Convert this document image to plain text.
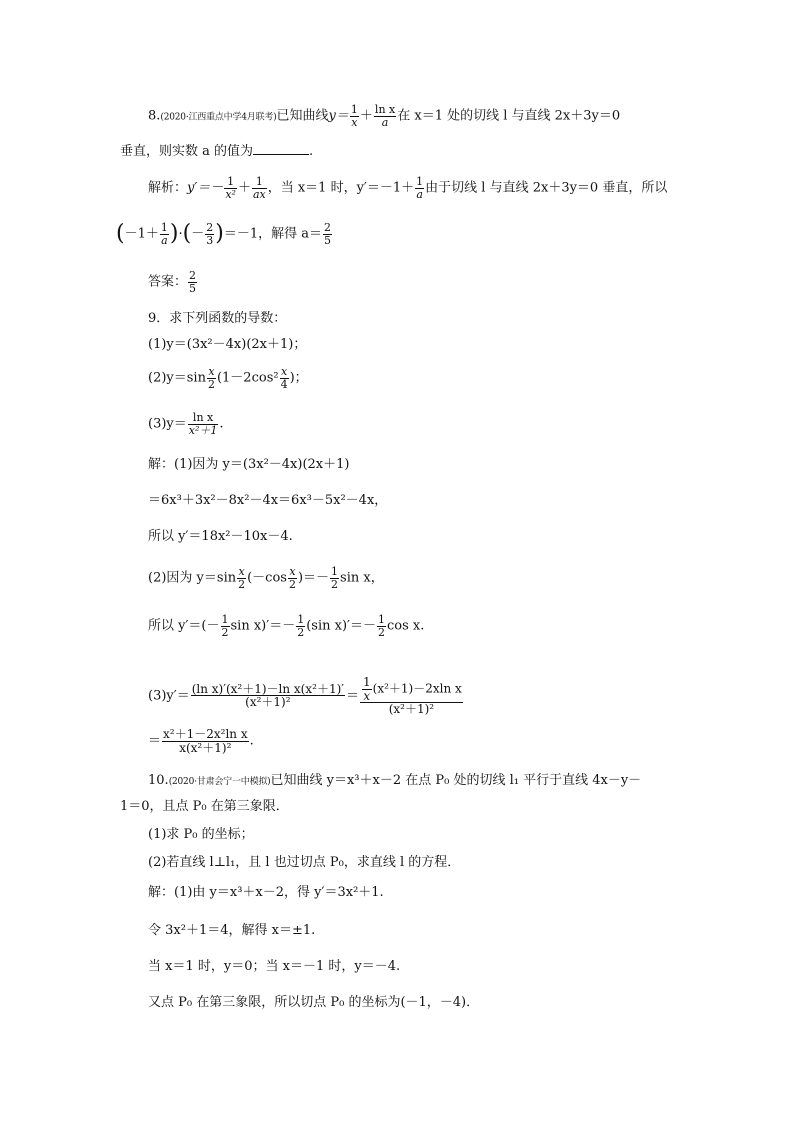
8.(2020·江西重点中学4月联考)已知曲线$y= \frac{1}{x} + \frac{\text{ln x}}{a}$ 在 x＝1 处的切线 l 与直线 2x＋3y＝0
垂直，则实数 a 的值为	.
解析：$y'=- \frac{1}{\text{x²}} + \frac{1}{ax}$ ，当 x＝1 时，$y'=-1+ \frac{1}{a}$ 由于切线 l 与直线 2x＋3y＝0 垂直，所以
($-1+ \frac{1}{a}$ )·(－ $\frac{2}{3} )=-1$，解得 $a= \frac{2}{5}$
答案： $\frac{2}{5}$
9．求下列函数的导数：
(1)y＝(3x²－4x)(2x＋1)；
$(2)y=\sin \frac{x}{2} (1-2\cos^2 \frac{x}{4}$ )；
$(3)y= \frac{\text{ln x}}{\text{x²＋1}}$ .
解：(1)因为 y＝(3x²－4x)(2x＋1)
＝6x³＋3x²－8x²－4x＝6x³－5x²－4x，
所以 y′＝18x²－10x－4.
(2)因为 $y=\sin \frac{x}{2} (-\cos \frac{x}{2}$ )＝－ $\frac{1}{2}$ sin x，
所以 $y'=(- \frac{1}{2}$ $\sin x)'=- \frac{1}{2} (\sin$ $x)'=- \frac{1}{2}$ cos x.
$(3)y'= \frac{\text{(ln x)′(x²＋1)－ln x(x²＋1)′}}{\text{(x²＋1)²}} = \frac{\frac{1}{x} (x^2+1)-2xln x}{\text{(x²＋1)²}}$
＝ $\frac{\text{x²＋1－2x²ln x}}{\text{x(x²＋1)²}}$ .
10.(2020·甘肃会宁一中模拟)已知曲线 y＝x³＋x－2 在点 P₀ 处的切线 l₁ 平行于直线 4x－y－
1＝0，且点 P₀ 在第三象限．
(1)求 P₀ 的坐标；
(2)若直线 l⊥l₁，且 l 也过切点 P₀，求直线 l 的方程．
解：(1)由 y＝x³＋x－2，得 y′＝3x²＋1.
令 3x²＋1＝4，解得 x＝±1.
当 x＝1 时，y＝0；当 x＝－1 时，y＝－4.
又点 P₀ 在第三象限，所以切点 P₀ 的坐标为(－1，－4)．
